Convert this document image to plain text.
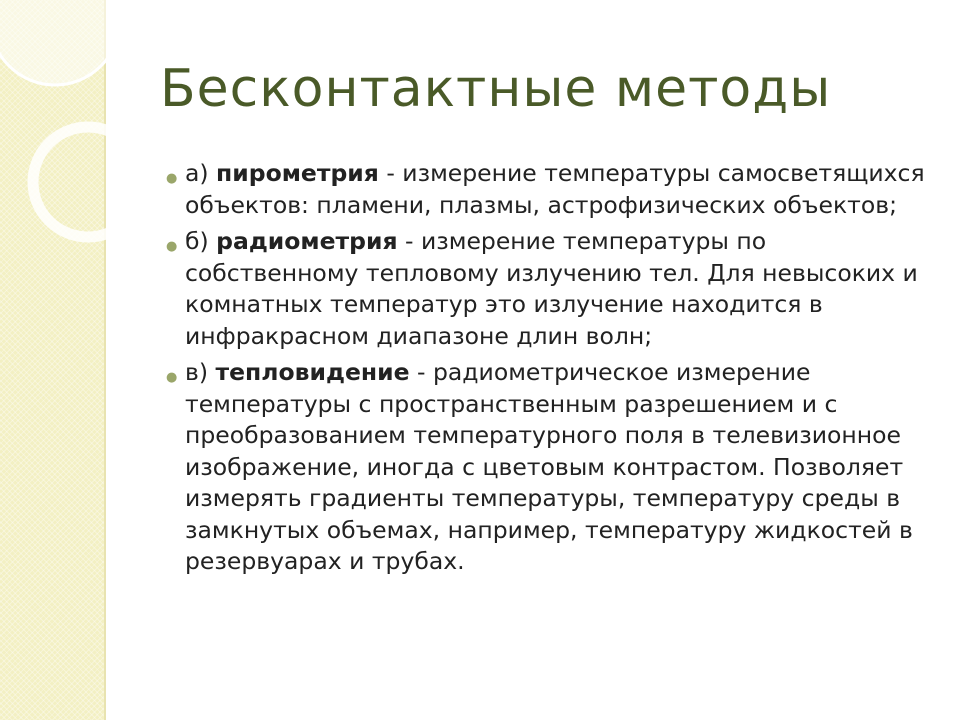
Бесконтактные методы
● а) пирометрия - измерение температуры самосветящихся объектов: пламени, плазмы, астрофизических объектов;
● б) радиометрия - измерение температуры по собственному тепловому излучению тел. Для невысоких и комнатных температур это излучение находится в инфракрасном диапазоне длин волн;
● в) тепловидение - радиометрическое измерение температуры с пространственным разрешением и с преобразованием температурного поля в телевизионное изображение, иногда с цветовым контрастом. Позволяет измерять градиенты температуры, температуру среды в замкнутых объемах, например, температуру жидкостей в резервуарах и трубах.
